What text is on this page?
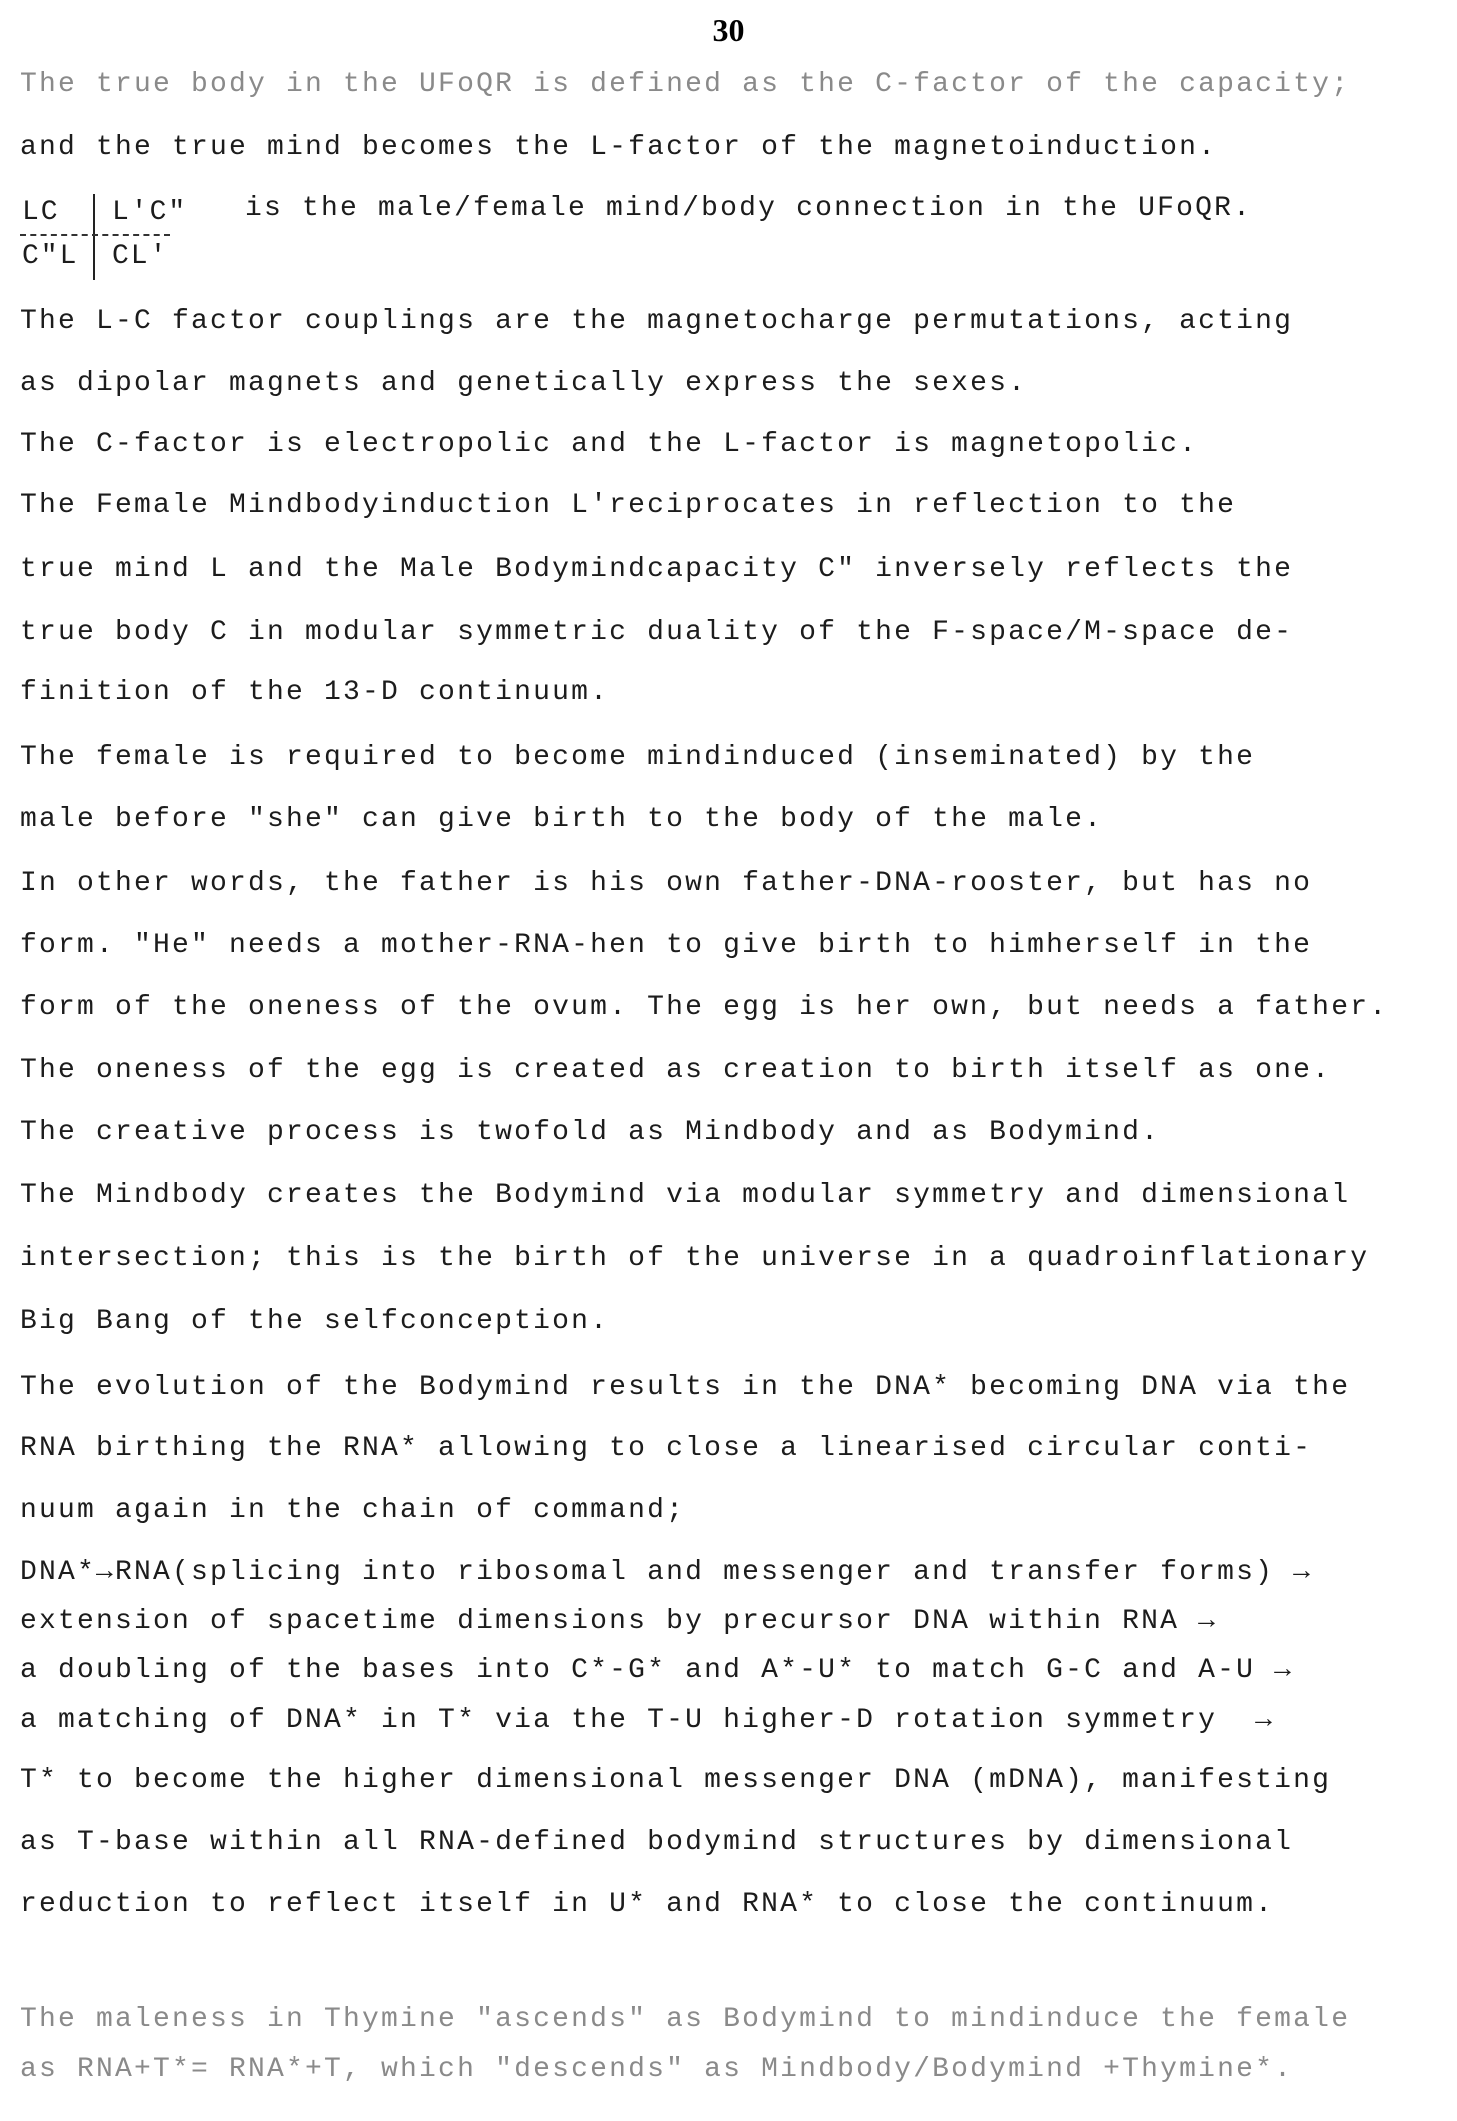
30
The true body in the UFoQR is defined as the C-factor of the capacity;
and the true mind becomes the L-factor of the magnetoinduction.
LC L'C"
C"L CL'
is the male/female mind/body connection in the UFoQR.
The L-C factor couplings are the magnetocharge permutations, acting
as dipolar magnets and genetically express the sexes.
The C-factor is electropolic and the L-factor is magnetopolic.
The Female Mindbodyinduction L'reciprocates in reflection to the
true mind L and the Male Bodymindcapacity C" inversely reflects the
true body C in modular symmetric duality of the F-space/M-space de-
finition of the 13-D continuum.
The female is required to become mindinduced (inseminated) by the
male before "she" can give birth to the body of the male.
In other words, the father is his own father-DNA-rooster, but has no
form. "He" needs a mother-RNA-hen to give birth to himherself in the
form of the oneness of the ovum. The egg is her own, but needs a father.
The oneness of the egg is created as creation to birth itself as one.
The creative process is twofold as Mindbody and as Bodymind.
The Mindbody creates the Bodymind via modular symmetry and dimensional
intersection; this is the birth of the universe in a quadroinflationary
Big Bang of the selfconception.
The evolution of the Bodymind results in the DNA* becoming DNA via the
RNA birthing the RNA* allowing to close a linearised circular conti-
nuum again in the chain of command;
DNA*→RNA(splicing into ribosomal and messenger and transfer forms) →
extension of spacetime dimensions by precursor DNA within RNA →
a doubling of the bases into C*-G* and A*-U* to match G-C and A-U →
a matching of DNA* in T* via the T-U higher-D rotation symmetry  →
T* to become the higher dimensional messenger DNA (mDNA), manifesting
as T-base within all RNA-defined bodymind structures by dimensional
reduction to reflect itself in U* and RNA* to close the continuum.
The maleness in Thymine "ascends" as Bodymind to mindinduce the female
as RNA+T*= RNA*+T, which "descends" as Mindbody/Bodymind +Thymine*.
